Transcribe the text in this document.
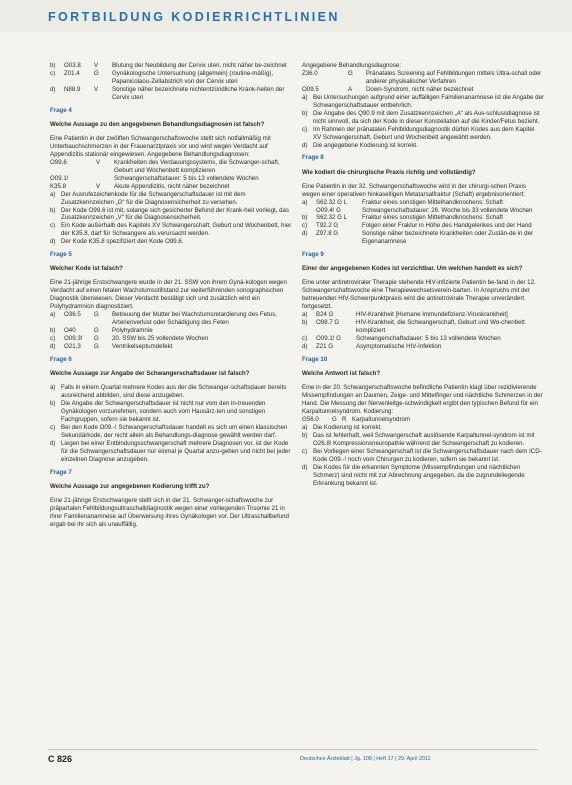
FORTBILDUNG KODIERRICHTLINIEN
b)	O03.8	V	Blutung der Neubildung der Cervix uteri, nicht näher be-zeichnet
c)	Z01.4	G	Gynäkologische Untersuchung (allgemein) (routine-mäßig), Papanicolaou-Zellabstrich von der Cervix uteri
d)	N88.9	V	Sonstige näher bezeichnete nichtentzündliche Krank-heiten der Cervix uteri

Frage 4

Welche Aussage zu den angegebenen Behandlungsdiagnosen ist falsch?

Eine Patientin in der zwölften Schwangerschaftswoche stellt sich notfallmäßig mit Unterbauchschmerzen in der Frauenarztpraxis vor und wird wegen Verdacht auf Appendizitis stationär eingewiesen. Angegebene Behandlungsdiagnosen:

O99.6	V	Krankheiten des Verdauungssystems, die Schwanger-schaft, Geburt und Wochenbett komplizieren
O09.1!	Schwangerschaftsdauer: 5 bis 13 vollendete Wochen
K35.8	V	Akute Appendizitis, nicht näher bezeichnet
a) Der Ausrufezeichenkode für die Schwangerschaftsdauer ist mit dem Zusatzkennzeichen „G“ für die Diagnosensicherheit zu versehen.
b) Der Kode O99.6 ist mit, solange sich gesicherter Befund der Krank-heit vorliegt, das Zusatzkennzeichen „V“ für die Diagnosensicherheit.
c) Ein Kode außerhalb des Kapitels XV Schwangerschaft, Geburt und Wochenbett, hier der K35.8, darf für Schwangere als verursacht werden.
d) Der Kode K35.8 spezifiziert den Kode O99.6.

Frage 5

Welcher Kode ist falsch?

Eine 21-jährige Erstschwangere wurde in der 21. SSW von ihrem Gynä-kologen wegen Verdacht auf einen fetalen Wachstumsstillstand zur weiterführenden sonographischen Diagnostik überwiesen. Dieser Verdacht bestätigt sich und zusätzlich wird ein Polyhydramnion diagnostiziert.

a)	O36.5	G	Betreuung der Mutter bei Wachstumsretardierung des Fetus, Arterienverlust oder Schädigung des Feten
b)	O40	G	Polyhydramnie
c)	O09.3!	G	20. SSW bis 25 vollendete Wochen
d)	O21.3	G	Ventrikelseptumdefekt

Frage 6

Welche Aussage zur Angabe der Schwangerschaftsdauer ist falsch?

a) Falls in einem Quartal mehrere Kodes aus der die Schwanger-schaftsdauer bereits ausreichend abbilden, sind diese anzugeben.
b) Die Angabe der Schwangerschaftsdauer ist nicht nur vom den in-treuenden Gynäkologen vorzunehmen, sondern auch vom Hausärz-ten und sonstigen Fachgruppen, sofern sie bekannt ist.
c) Bei den Kode O09.-! Schwangerschaftsdauer handelt es sich um einen klassischen Sekundärkode, der nicht allein als Behandlungs-diagnose gewählt werden darf.
d) Liegen bei einer Entbindungsschwangerschaft mehrere Diagnosen vor, ist der Kode für die Schwangerschaftsdauer nur einmal je Quartal anzu-geben und nicht bei jeder einzelnen Diagnose anzugeben.

Frage 7

Welche Aussage zur angegebenen Kodierung trifft zu?

Eine 21-jährige Erstschwangere stellt sich in der 21. Schwanger-schaftswoche zur präpartalen Fehlbildungsultraschalldiagnostik wegen einer vorliegenden Trisomie 21 in ihrer Familienanamnese auf Überweisung ihres Gynäkologen vor. Der Ultraschallbefund ergab bei ihr sich als unauffällig.

Angegebene Behandlungsdiagnose:

Z36.0	G	Pränatales Screening auf Fehlbildungen mittels Ultra-schall oder anderer physikalischer Verfahren
O09.5	A	Down-Syndrom, nicht näher bezeichnet
a) Bei Untersuchungen aufgrund einer auffälligen Familienanamnese ist die Angabe der Schwangerschaftsdauer entbehrlich.
b) Die Angabe des Q90.9 mit dem Zusatzkennzeichen „A“ als Aus-schlussdiagnose ist nicht sinnvoll, da sich der Kode in dieser Konstellation auf die Kinder/Fetus bezieht.
c) Im Rahmen der pränatalen Fehlbildungsdiagnostik dürfen Kodes aus dem Kapitel XV Schwangerschaft, Geburt und Wochenbett angewählt werden.
d) Die angegebene Kodierung ist korrekt.

Frage 8

Wie kodiert die chirurgische Praxis richtig und vollständig?

Eine Patientin in der 32. Schwangerschaftswoche wird in der chirurgi-schen Praxis wegen einer operativen hinkaselligen Metatarsalfraktur (Schaft) ergebnisorientiert:

a)	S62.32 G L	Fraktur eines sonstigen Mittelhandknochens: Schaft
O09.4! G	Schwangerschaftsdauer: 26. Woche bis 33 vollendete Wochen
b)	S62.32 G L	Fraktur eines sonstigen Mittelhandknochens: Schaft
c)	T92.2 G	Folgen einer Fraktur in Höhe des Handgelenkes und der Hand
d)	Z97.8 G	Sonstige näher bezeichnete Krankheiten oder Zustän-de in der Eigenanamnese

Frage 9

Einer der angegebenen Kodes ist verzichtbar. Um welchen handelt es sich?

Eine unter antiretroviraler Therapie stehende HIV-infizierte Patientin be-fand in der 12. Schwangerschaftswoche eine Therapiewechselsverein-barten. In Anspruchs mit der betreuenden HIV-Schwerpunktpraxis wird die antiretrovirale Therapie unverändert fortgesetzt.

a)	B24 G	HIV-Krankheit [Humane Immundefizienz-Viruskrankheit]
b)	O98.7 G	HIV-Krankheit, die Schwangerschaft, Geburt und Wo-chenbett kompliziert
c)	O09.1! G	Schwangerschaftsdauer: 5 bis 13 vollendete Wochen
d)	Z21 G	Asymptomatische HIV-Infektion

Frage 10

Welche Antwort ist falsch?

Eine in der 20. Schwangerschaftswoche befindliche Patientin klagt über rezidivierende Missempfindungen an Daumen, Zeige- und Mittelfinger und nächtliche Schmerzen in der Hand. Die Messung der Nervenleitge-schwindigkeit ergibt den typischen Befund für ein Karpaltunnelsyndrom. Kodierung:

G56.0	G R Karpaltunnelsyndrom
a) Die Kodierung ist korrekt.
b) Das ist fehlerhaft, weil Schwangerschaft auslösende Karpaltunnel-syndrom ist mit O26.8! Kompressionsneuropathie während der Schwangerschaft zu kodieren.
c) Bei Vorliegen einer Schwangerschaft ist die Schwangerschaftsdauer nach dem ICD-Kode O09.-! noch vom Chirurgen zu kodieren, sofern sie bekannt ist.
d) Die Kodes für die erkannten Symptome (Missempfindungen und nächtlichen Schmerz) sind nicht mit zur Abrechnung angegeben, da die zugrundeliegende Erkrankung bekannt ist.
C 826	Deutsches Ärzteblatt | Jg. 108 | Heft 17 | 29. April 2011
